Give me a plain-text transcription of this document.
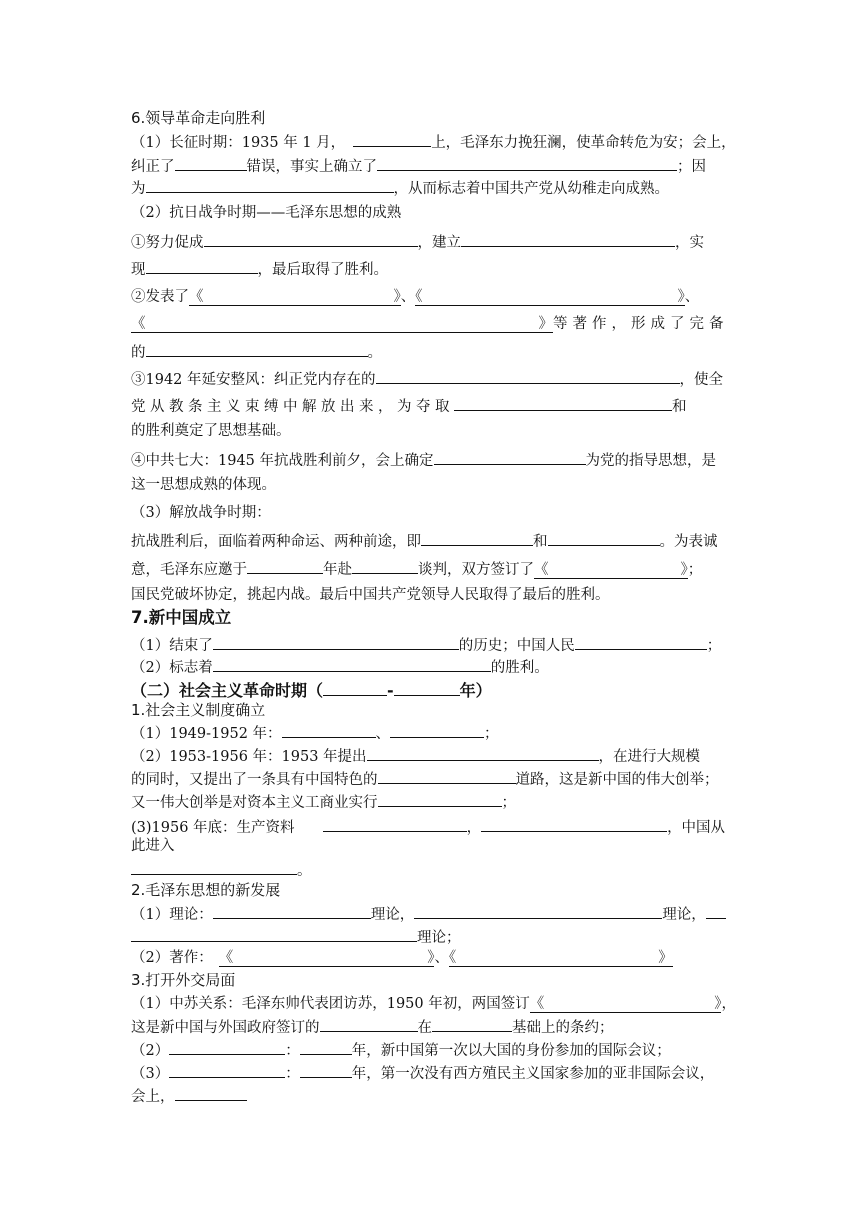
6.领导革命走向胜利
（1）长征时期：1935 年 1 月，	上，毛泽东力挽狂澜，使革命转危为安；会上，
纠正了	错误，事实上确立了	；因
为	，从而标志着中国共产党从幼稚走向成熟。
（2）抗日战争时期——毛泽东思想的成熟
①努力促成	，建立	，实
现	，最后取得了胜利。
②发表了《	》、《	》、
《	》等著作，形成了完备
的	。
③1942 年延安整风：纠正党内存在的	，使全
党从教条主义束缚中解放出来，为夺取	和
的胜利奠定了思想基础。
④中共七大：1945 年抗战胜利前夕，会上确定	为党的指导思想，是
这一思想成熟的体现。
（3）解放战争时期：
抗战胜利后，面临着两种命运、两种前途，即	和	。为表诚
意，毛泽东应邀于	年赴	谈判，双方签订了《	》；
国民党破坏协定，挑起内战。最后中国共产党领导人民取得了最后的胜利。
7.新中国成立
（1）结束了	的历史；中国人民	；
（2）标志着	的胜利。
（二）社会主义革命时期（	-	年）
1.社会主义制度确立
（1）1949-1952 年：	、	；
（2）1953-1956 年：1953 年提出	，在进行大规模
的同时，又提出了一条具有中国特色的	道路，这是新中国的伟大创举；
又一伟大创举是对资本主义工商业实行	；
(3)1956 年底：生产资料	，	，中国从
此进入
。
2.毛泽东思想的新发展
（1）理论：	理论，	理论，
理论；
（2）著作： 《	》、《	》
3.打开外交局面
（1）中苏关系：毛泽东帅代表团访苏，1950 年初，两国签订《	》，
这是新中国与外国政府签订的	在	基础上的条约；
（2）	：	年，新中国第一次以大国的身份参加的国际会议；
（3）	：	年，第一次没有西方殖民主义国家参加的亚非国际会议，
会上，
